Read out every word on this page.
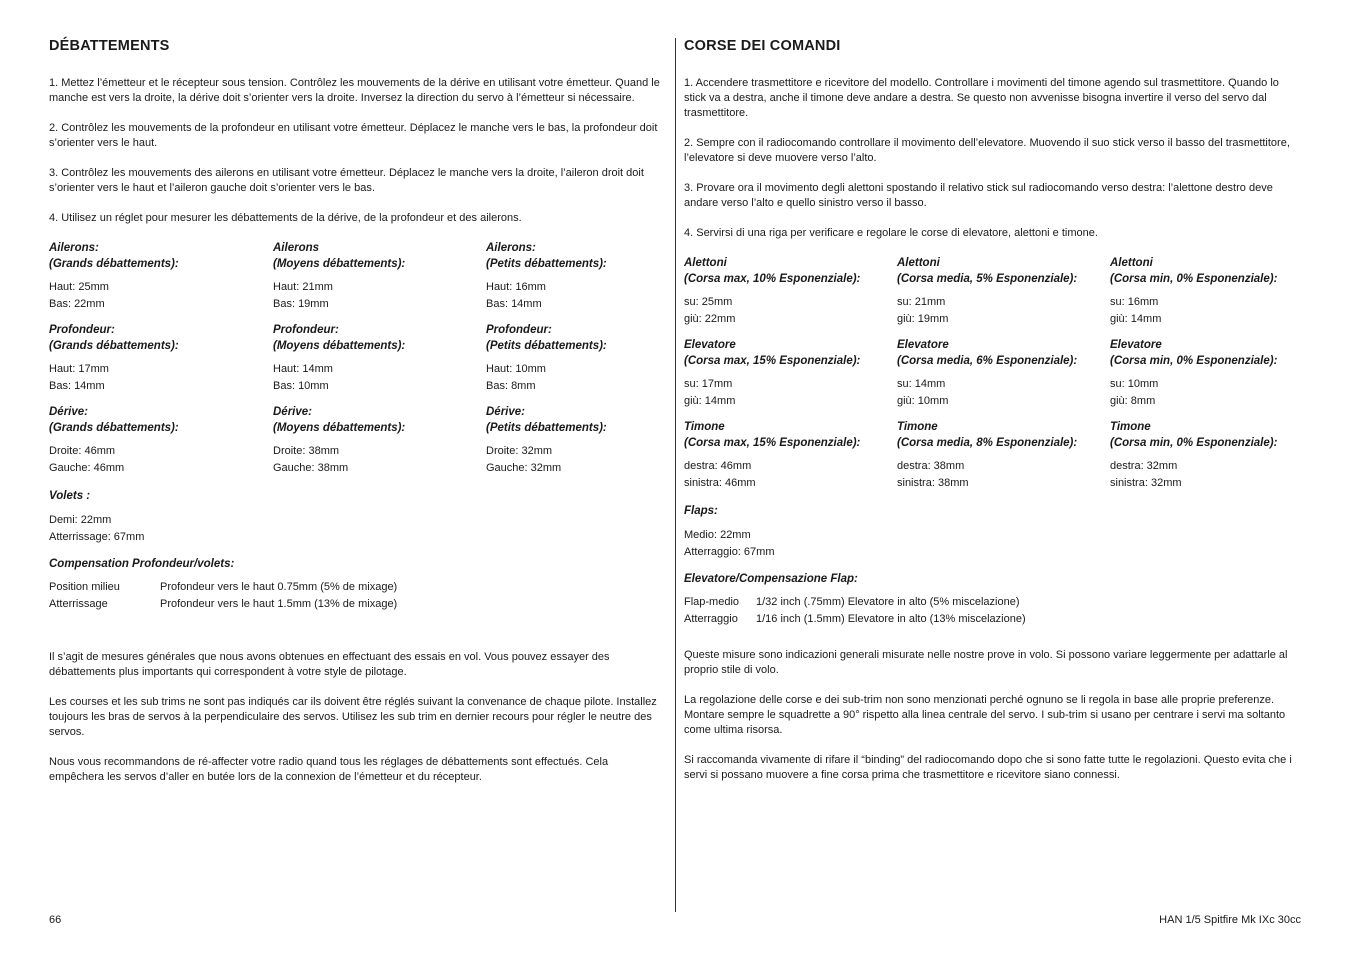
DÉBATTEMENTS

1. Mettez l’émetteur et le récepteur sous tension. Contrôlez les mouvements de la dérive en utilisant votre émetteur. Quand le manche est vers la droite, la dérive doit s’orienter vers la droite. Inversez la direction du servo à l’émetteur si nécessaire.

2. Contrôlez les mouvements de la profondeur en utilisant votre émetteur. Déplacez le manche vers le bas, la profondeur doit s’orienter vers le haut.

3. Contrôlez les mouvements des ailerons en utilisant votre émetteur. Déplacez le manche vers la droite, l’aileron droit doit s’orienter vers le haut et l’aileron gauche doit s’orienter vers le bas.

4. Utilisez un réglet pour mesurer les débattements de la dérive, de la profondeur et des ailerons.

Ailerons:
(Grands débattements):
Haut: 25mm
Bas: 22mm
Ailerons
(Moyens débattements):
Haut: 21mm
Bas: 19mm
Ailerons:
(Petits débattements):
Haut: 16mm
Bas: 14mm
Profondeur:
(Grands débattements):
Haut: 17mm
Bas: 14mm
Profondeur:
(Moyens débattements):
Haut: 14mm
Bas: 10mm
Profondeur:
(Petits débattements):
Haut: 10mm
Bas: 8mm
Dérive:
(Grands débattements):
Droite: 46mm
Gauche: 46mm
Dérive:
(Moyens débattements):
Droite: 38mm
Gauche: 38mm
Dérive:
(Petits débattements):
Droite: 32mm
Gauche: 32mm
Volets :
Demi: 22mm
Atterrissage: 67mm
Compensation Profondeur/volets:
Position milieu	Profondeur vers le haut 0.75mm (5% de mixage)
Atterrissage	Profondeur vers le haut 1.5mm (13% de mixage)

Il s’agit de mesures générales que nous avons obtenues en effectuant des essais en vol. Vous pouvez essayer des débattements plus importants qui correspondent à votre style de pilotage.

Les courses et les sub trims ne sont pas indiqués car ils doivent être réglés suivant la convenance de chaque pilote. Installez toujours les bras de servos à la perpendiculaire des servos. Utilisez les sub trim en dernier recours pour régler le neutre des servos.

Nous vous recommandons de ré-affecter votre radio quand tous les réglages de débattements sont effectués. Cela empêchera les servos d’aller en butée lors de la connexion de l’émetteur et du récepteur.

CORSE DEI COMANDI

1. Accendere trasmettitore e ricevitore del modello. Controllare i movimenti del timone agendo sul trasmettitore. Quando lo stick va a destra, anche il timone deve andare a destra. Se questo non avvenisse bisogna invertire il verso del servo dal trasmettitore.

2. Sempre con il radiocomando controllare il movimento dell’elevatore. Muovendo il suo stick verso il basso del trasmettitore, l’elevatore si deve muovere verso l’alto.

3. Provare ora il movimento degli alettoni spostando il relativo stick sul radiocomando verso destra: l’alettone destro deve andare verso l’alto e quello sinistro verso il basso.

4. Servirsi di una riga per verificare e regolare le corse di elevatore, alettoni e timone.

Alettoni
(Corsa max, 10% Esponenziale):
su: 25mm
giù: 22mm
Alettoni
(Corsa media, 5% Esponenziale):
su: 21mm
giù: 19mm
Alettoni
(Corsa min, 0% Esponenziale):
su: 16mm
giù: 14mm
Elevatore
(Corsa max, 15% Esponenziale):
su: 17mm
giù: 14mm
Elevatore
(Corsa media, 6% Esponenziale):
su: 14mm
giù: 10mm
Elevatore
(Corsa min, 0% Esponenziale):
su: 10mm
giù: 8mm
Timone
(Corsa max, 15% Esponenziale):
destra: 46mm
sinistra: 46mm
Timone
(Corsa media, 8% Esponenziale):
destra: 38mm
sinistra: 38mm
Timone
(Corsa min, 0% Esponenziale):
destra: 32mm
sinistra: 32mm
Flaps:
Medio: 22mm
Atterraggio: 67mm
Elevatore/Compensazione Flap:
Flap-medio	1/32 inch (.75mm) Elevatore in alto (5% miscelazione)
Atterraggio	1/16 inch (1.5mm) Elevatore in alto (13% miscelazione)

Queste misure sono indicazioni generali misurate nelle nostre prove in volo. Si possono variare leggermente per adattarle al proprio stile di volo.

La regolazione delle corse e dei sub-trim non sono menzionati perché ognuno se li regola in base alle proprie preferenze. Montare sempre le squadrette a 90° rispetto alla linea centrale del servo. I sub-trim si usano per centrare i servi ma soltanto come ultima risorsa.

Si raccomanda vivamente di rifare il “binding” del radiocomando dopo che si sono fatte tutte le regolazioni. Questo evita che i servi si possano muovere a fine corsa prima che trasmettitore e ricevitore siano connessi.

66	HAN 1/5 Spitfire Mk IXc 30cc
